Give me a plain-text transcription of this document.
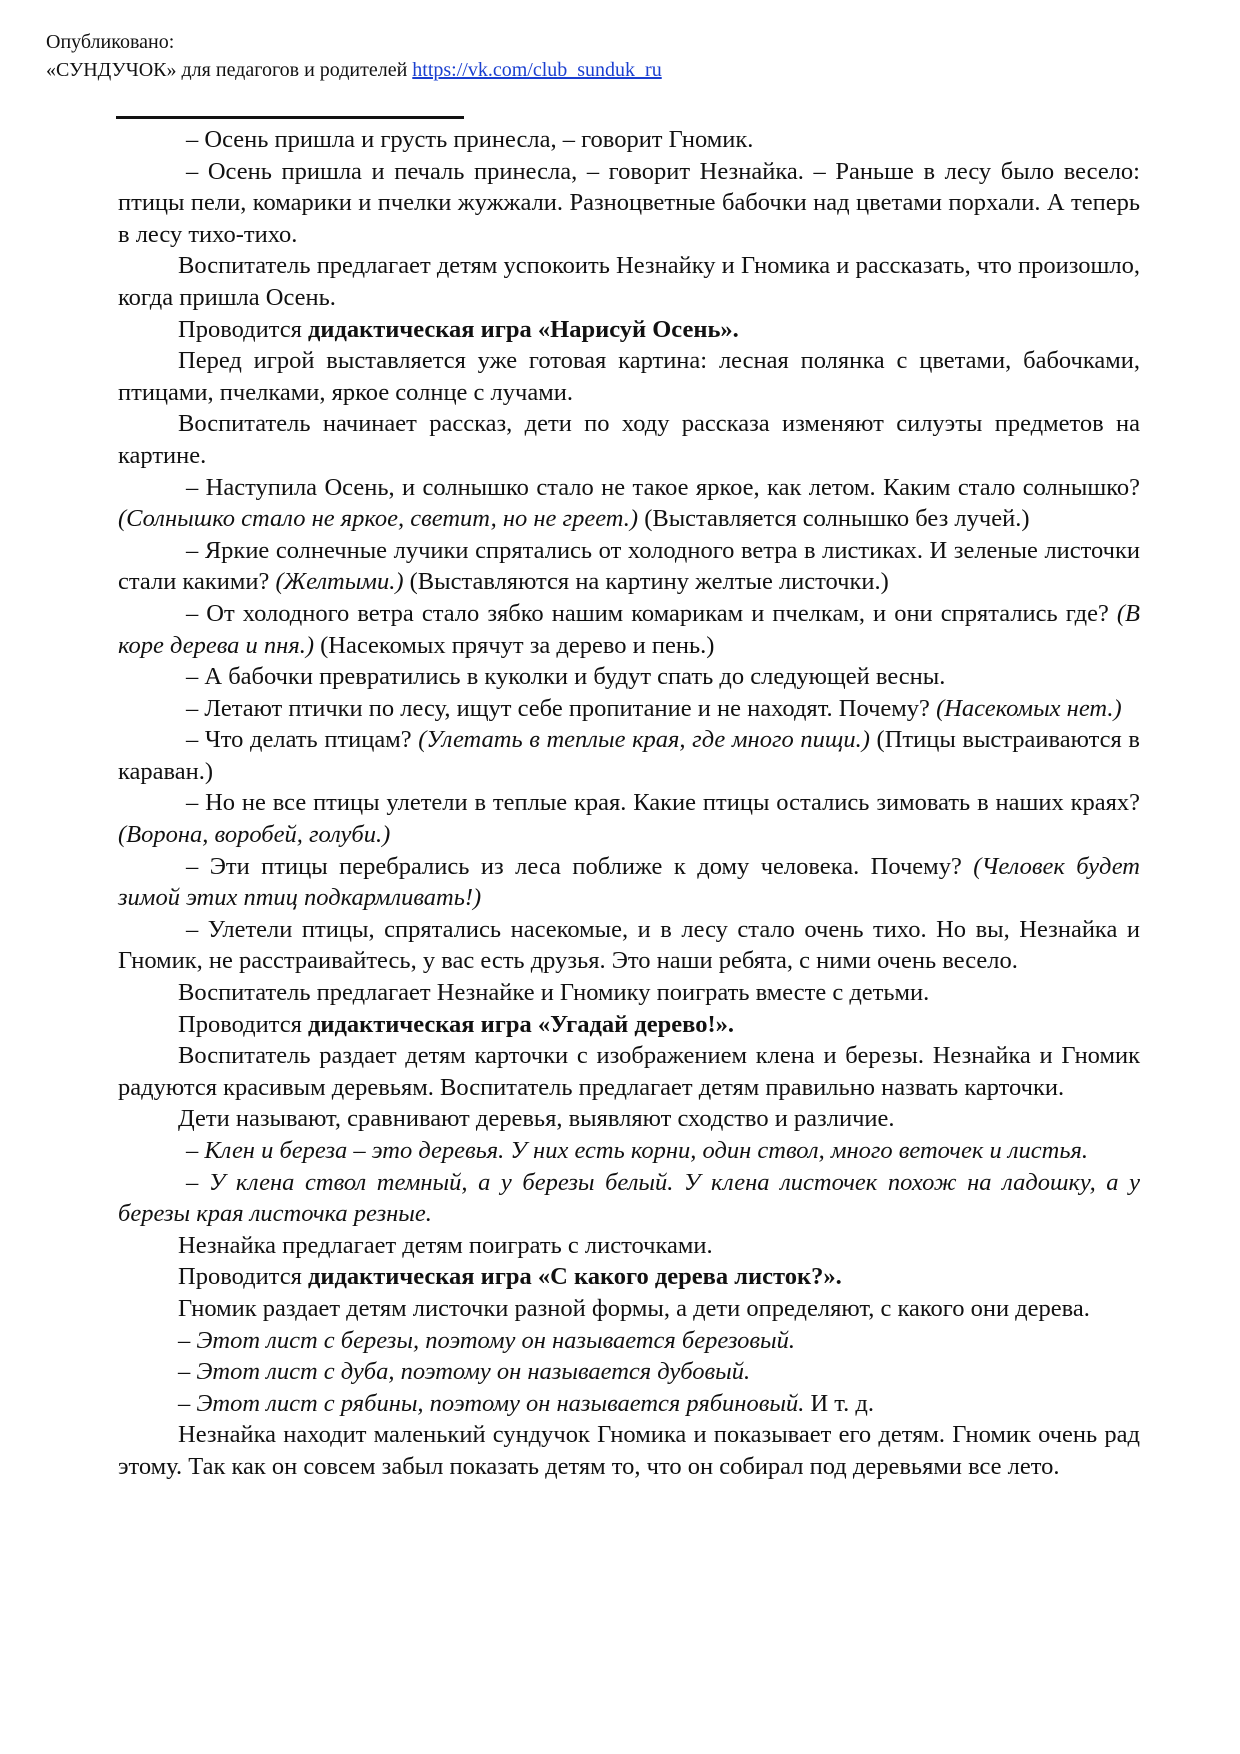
Опубликовано:
«СУНДУЧОК» для педагогов и родителей https://vk.com/club_sunduk_ru

– Осень пришла и грусть принесла, – говорит Гномик.

– Осень пришла и печаль принесла, – говорит Незнайка. – Раньше в лесу было весело: птицы пели, комарики и пчелки жужжали. Разноцветные бабочки над цветами порхали. А теперь в лесу тихо-тихо.

Воспитатель предлагает детям успокоить Незнайку и Гномика и рассказать, что произошло, когда пришла Осень.

Проводится дидактическая игра «Нарисуй Осень».

Перед игрой выставляется уже готовая картина: лесная полянка с цветами, бабочками, птицами, пчелками, яркое солнце с лучами.

Воспитатель начинает рассказ, дети по ходу рассказа изменяют силуэты предметов на картине.

– Наступила Осень, и солнышко стало не такое яркое, как летом. Каким стало солнышко? (Солнышко стало не яркое, светит, но не греет.) (Выставляется солнышко без лучей.)

– Яркие солнечные лучики спрятались от холодного ветра в листиках. И зеленые листочки стали какими? (Желтыми.) (Выставляются на картину желтые листочки.)

– От холодного ветра стало зябко нашим комарикам и пчелкам, и они спрятались где? (В коре дерева и пня.) (Насекомых прячут за дерево и пень.)

– А бабочки превратились в куколки и будут спать до следующей весны.

– Летают птички по лесу, ищут себе пропитание и не находят. Почему? (Насекомых нет.)

– Что делать птицам? (Улетать в теплые края, где много пищи.) (Птицы выстраиваются в караван.)

– Но не все птицы улетели в теплые края. Какие птицы остались зимовать в наших краях? (Ворона, воробей, голуби.)

– Эти птицы перебрались из леса поближе к дому человека. Почему? (Человек будет зимой этих птиц подкармливать!)

– Улетели птицы, спрятались насекомые, и в лесу стало очень тихо. Но вы, Незнайка и Гномик, не расстраивайтесь, у вас есть друзья. Это наши ребята, с ними очень весело.

Воспитатель предлагает Незнайке и Гномику поиграть вместе с детьми.

Проводится дидактическая игра «Угадай дерево!».

Воспитатель раздает детям карточки с изображением клена и березы. Незнайка и Гномик радуются красивым деревьям. Воспитатель предлагает детям правильно назвать карточки.

Дети называют, сравнивают деревья, выявляют сходство и различие.

– Клен и береза – это деревья. У них есть корни, один ствол, много веточек и листья.

– У клена ствол темный, а у березы белый. У клена листочек похож на ладошку, а у березы края листочка резные.

Незнайка предлагает детям поиграть с листочками.

Проводится дидактическая игра «С какого дерева листок?».

Гномик раздает детям листочки разной формы, а дети определяют, с какого они дерева.

– Этот лист с березы, поэтому он называется березовый.

– Этот лист с дуба, поэтому он называется дубовый.

– Этот лист с рябины, поэтому он называется рябиновый. И т. д.

Незнайка находит маленький сундучок Гномика и показывает его детям. Гномик очень рад этому. Так как он совсем забыл показать детям то, что он собирал под деревьями все лето.
